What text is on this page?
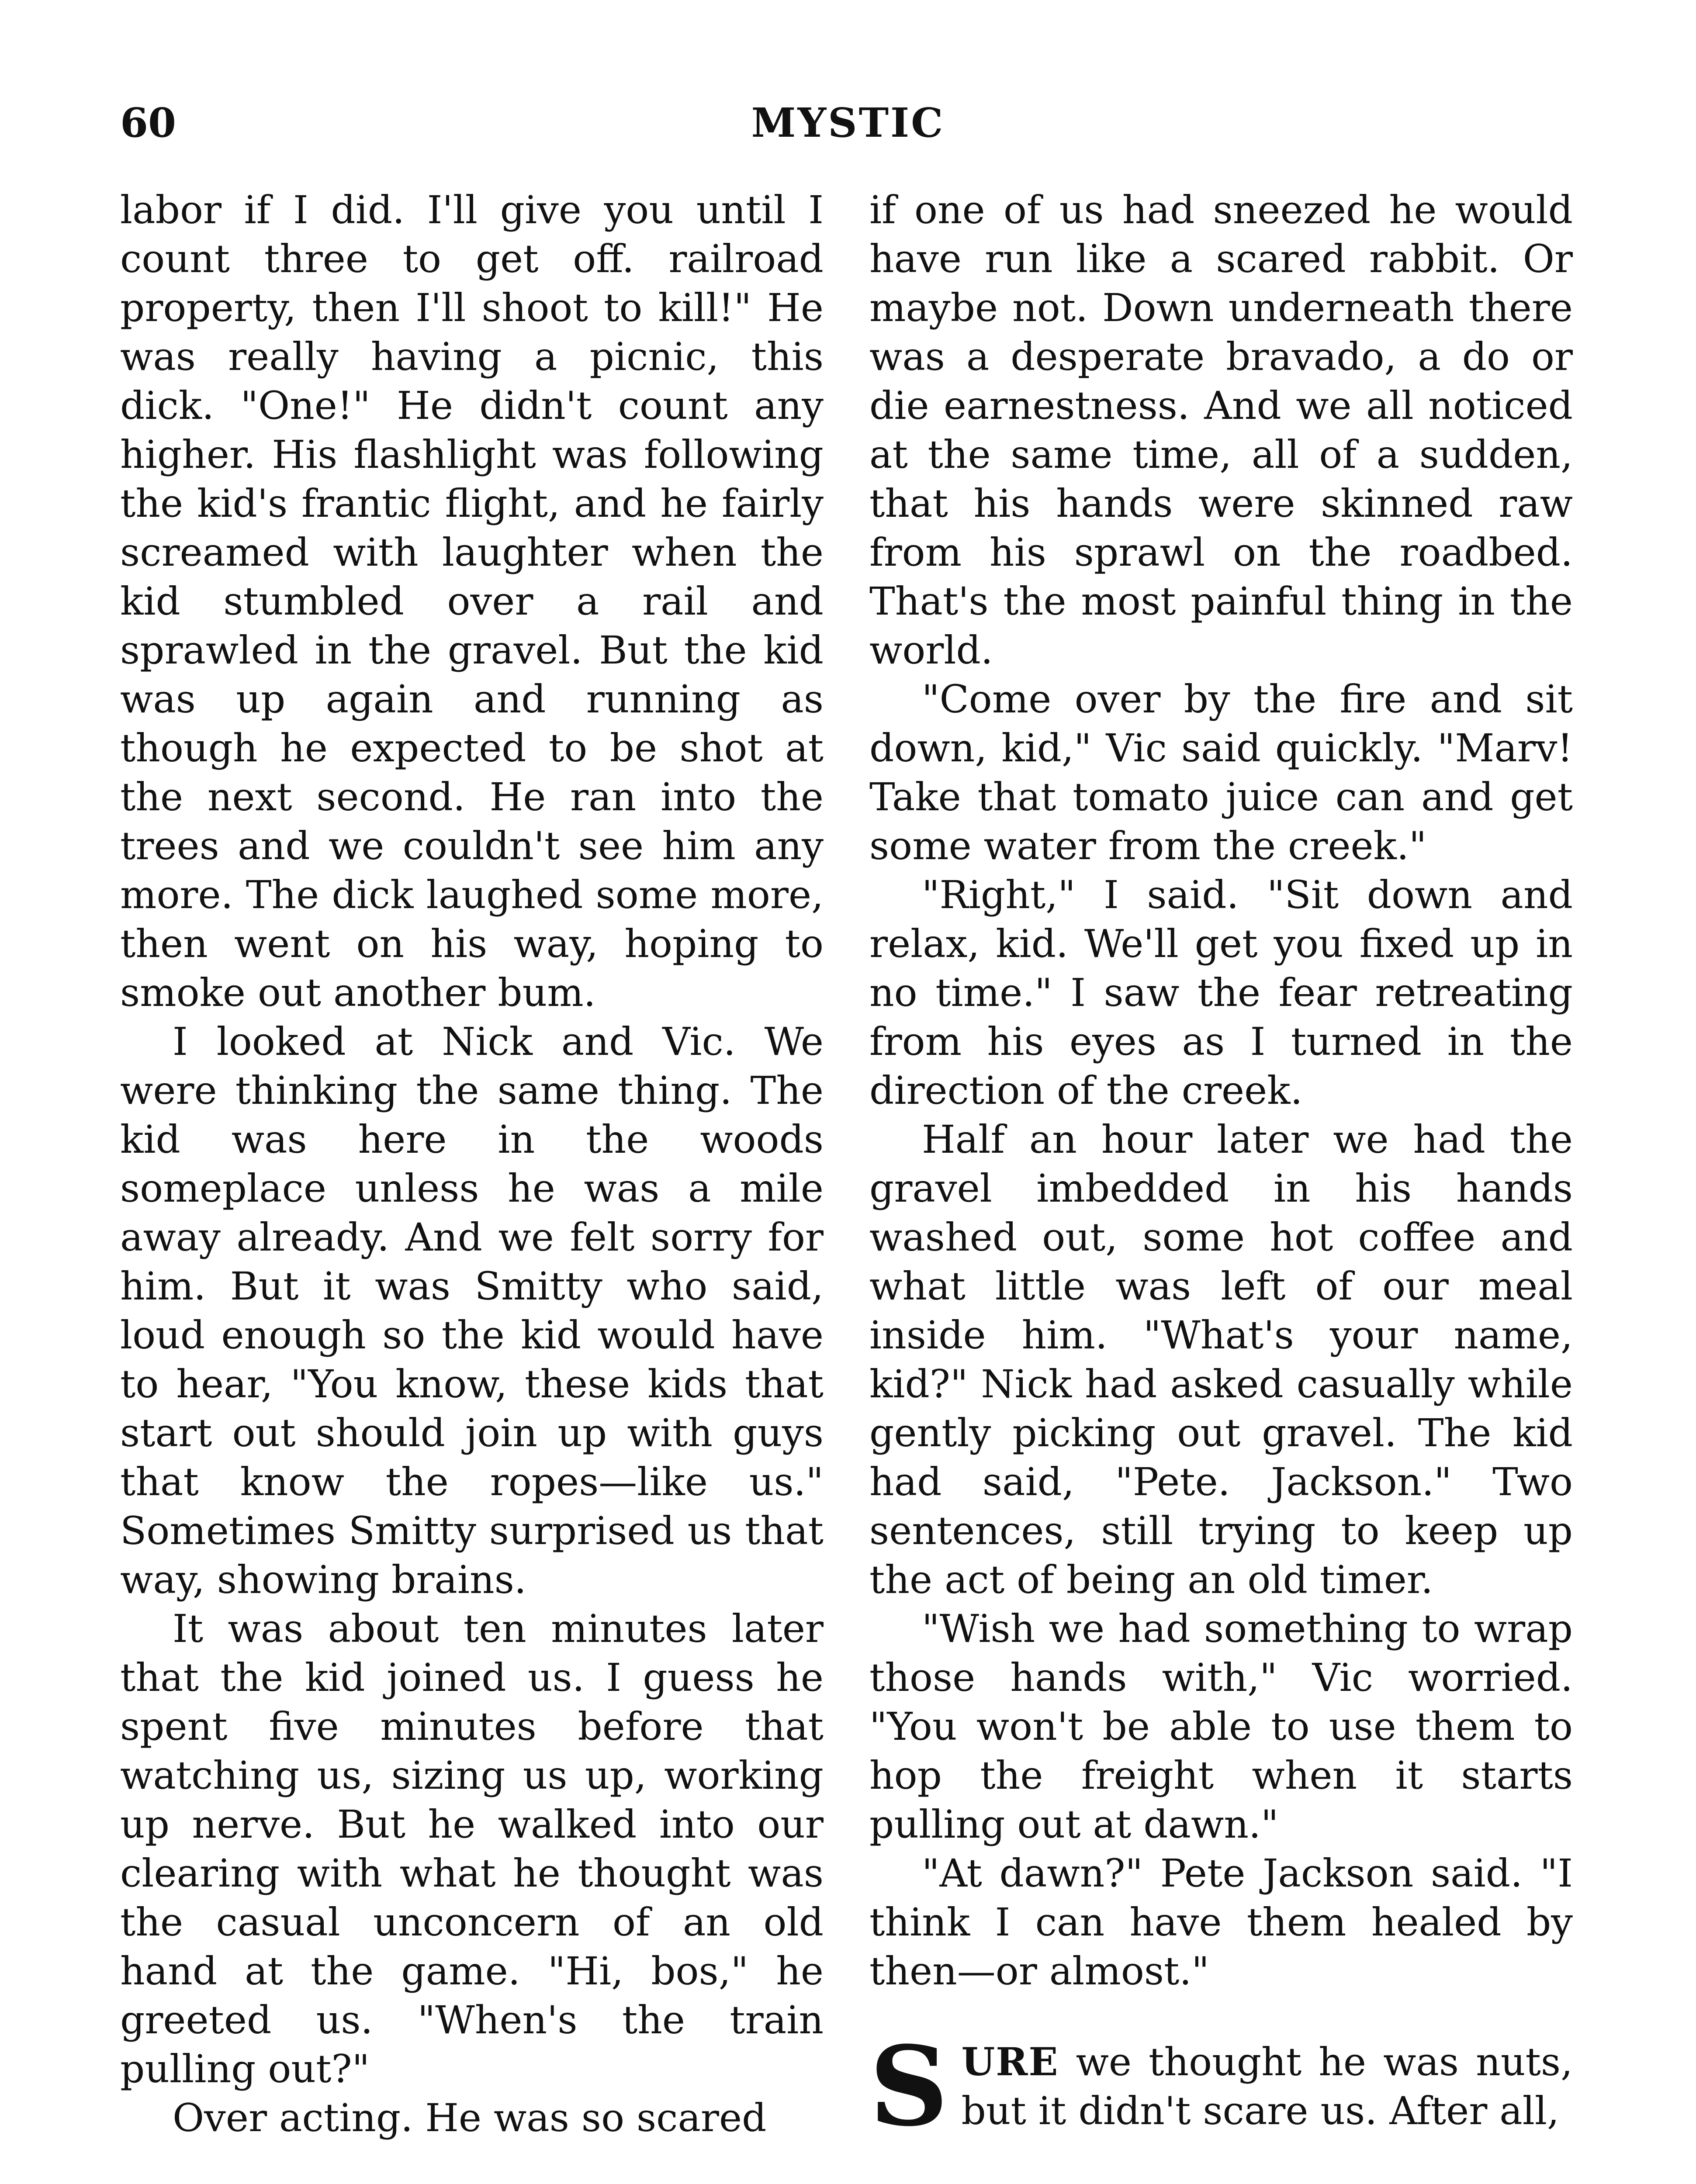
60	MYSTIC

labor if I did. I'll give you until I count three to get off. railroad property, then I'll shoot to kill!" He was really having a picnic, this dick. "One!" He didn't count any higher. His flashlight was following the kid's frantic flight, and he fairly screamed with laughter when the kid stumbled over a rail and sprawled in the gravel. But the kid was up again and running as though he expected to be shot at the next second. He ran into the trees and we couldn't see him any more. The dick laughed some more, then went on his way, hoping to smoke out another bum.

I looked at Nick and Vic. We were thinking the same thing. The kid was here in the woods someplace unless he was a mile away already. And we felt sorry for him. But it was Smitty who said, loud enough so the kid would have to hear, "You know, these kids that start out should join up with guys that know the ropes—like us." Sometimes Smitty surprised us that way, showing brains.

It was about ten minutes later that the kid joined us. I guess he spent five minutes before that watching us, sizing us up, working up nerve. But he walked into our clearing with what he thought was the casual unconcern of an old hand at the game. "Hi, bos," he greeted us. "When's the train pulling out?"

Over acting. He was so scared

if one of us had sneezed he would have run like a scared rabbit. Or maybe not. Down underneath there was a desperate bravado, a do or die earnestness. And we all noticed at the same time, all of a sudden, that his hands were skinned raw from his sprawl on the roadbed. That's the most painful thing in the world.

"Come over by the fire and sit down, kid," Vic said quickly. "Marv! Take that tomato juice can and get some water from the creek."

"Right," I said. "Sit down and relax, kid. We'll get you fixed up in no time." I saw the fear retreating from his eyes as I turned in the direction of the creek.

Half an hour later we had the gravel imbedded in his hands washed out, some hot coffee and what little was left of our meal inside him. "What's your name, kid?" Nick had asked casually while gently picking out gravel. The kid had said, "Pete. Jackson." Two sentences, still trying to keep up the act of being an old timer.

"Wish we had something to wrap those hands with," Vic worried. "You won't be able to use them to hop the freight when it starts pulling out at dawn."

"At dawn?" Pete Jackson said. "I think I can have them healed by then—or almost."

SURE we thought he was nuts, but it didn't scare us. After all,
